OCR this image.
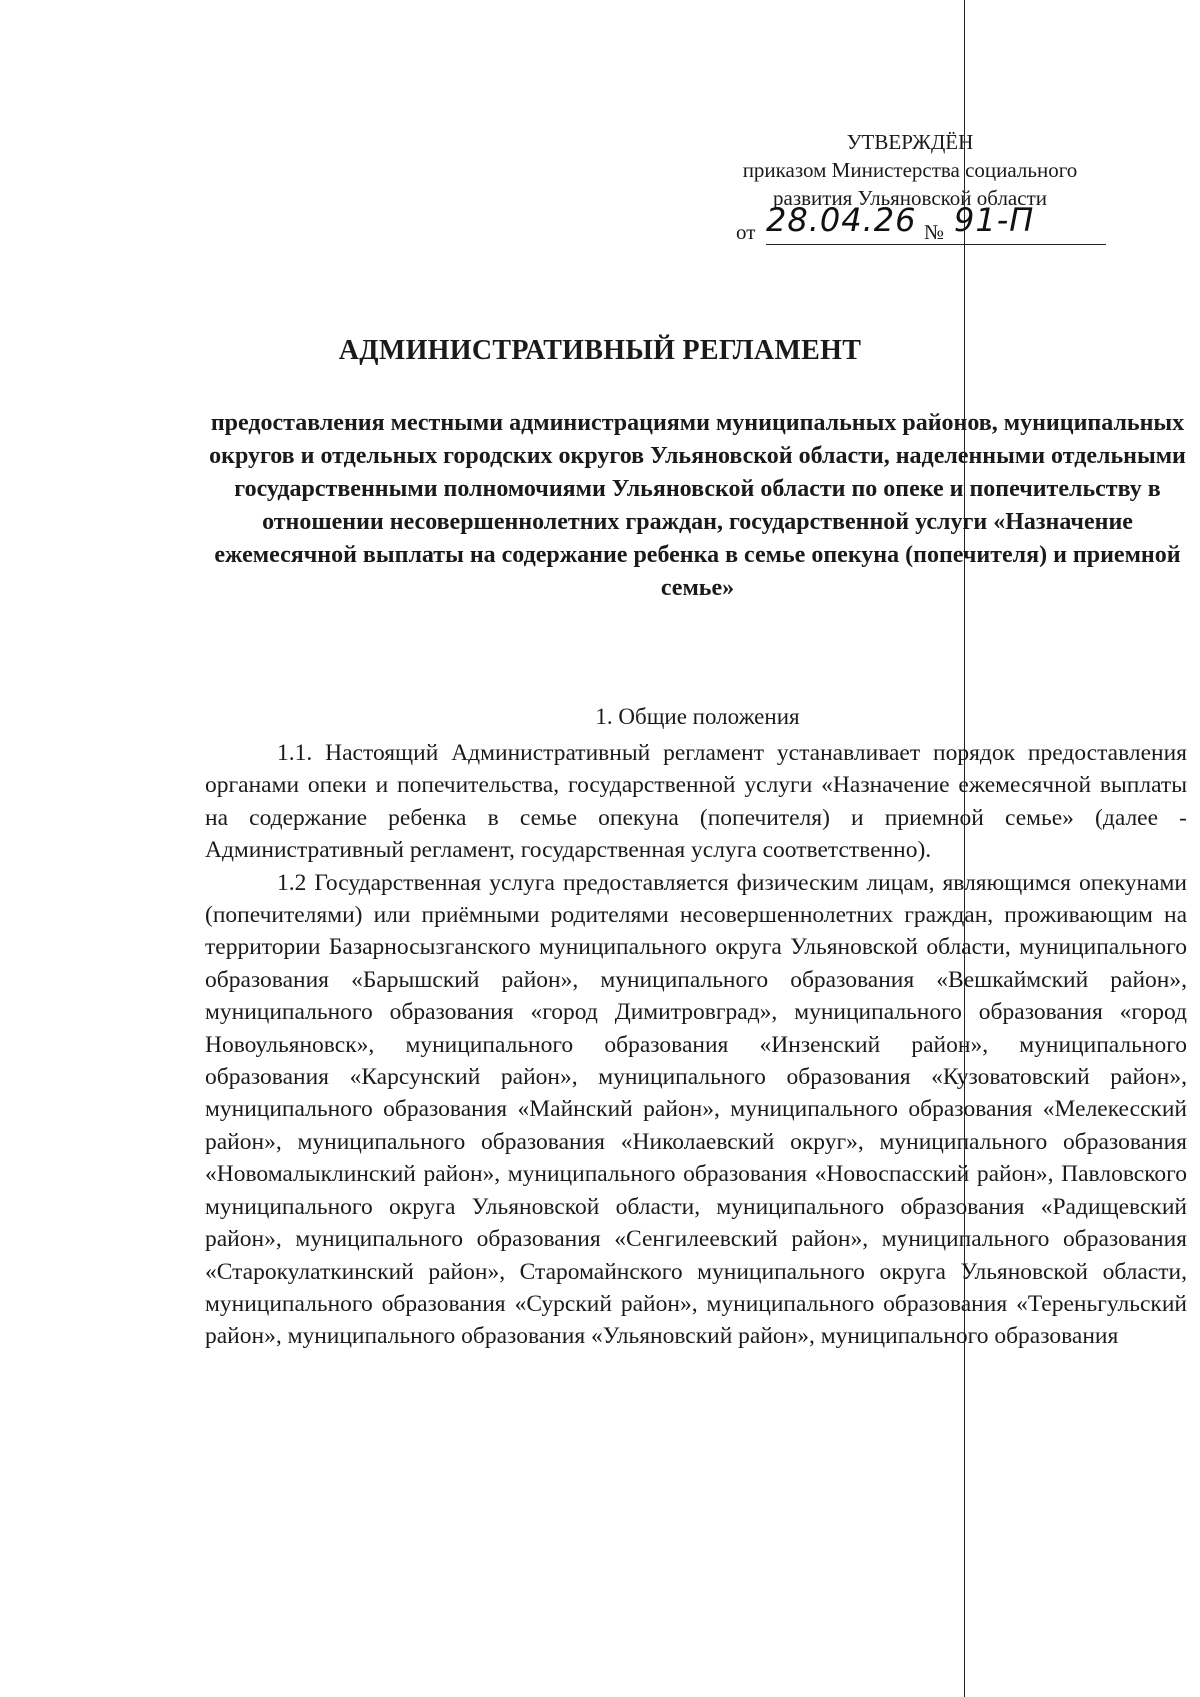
УТВЕРЖДЁН
приказом Министерства социального
развития Ульяновской области
от 28.04.26 № 91-П
АДМИНИСТРАТИВНЫЙ РЕГЛАМЕНТ
предоставления местными администрациями муниципальных районов, муниципальных округов и отдельных городских округов Ульяновской области, наделенными отдельными государственными полномочиями Ульяновской области по опеке и попечительству в отношении несовершеннолетних граждан, государственной услуги «Назначение ежемесячной выплаты на содержание ребенка в семье опекуна (попечителя) и приемной семье»
1. Общие положения

1.1. Настоящий Административный регламент устанавливает порядок предоставления органами опеки и попечительства, государственной услуги «Назначение ежемесячной выплаты на содержание ребенка в семье опекуна (попечителя) и приемной семье» (далее - Административный регламент, государственная услуга соответственно).

1.2 Государственная услуга предоставляется физическим лицам, являющимся опекунами (попечителями) или приёмными родителями несовершеннолетних граждан, проживающим на территории Базарносызганского муниципального округа Ульяновской области, муниципального образования «Барышский район», муниципального образования «Вешкаймский район», муниципального образования «город Димитровград», муниципального образования «город Новоульяновск», муниципального образования «Инзенский район», муниципального образования «Карсунский район», муниципального образования «Кузоватовский район», муниципального образования «Майнский район», муниципального образования «Мелекесский район», муниципального образования «Николаевский округ», муниципального образования «Новомалыклинский район», муниципального образования «Новоспасский район», Павловского муниципального округа Ульяновской области, муниципального образования «Радищевский район», муниципального образования «Сенгилеевский район», муниципального образования «Старокулаткинский район», Старомайнского муниципального округа Ульяновской области, муниципального образования «Сурский район», муниципального образования «Тереньгульский район», муниципального образования «Ульяновский район», муниципального образования
